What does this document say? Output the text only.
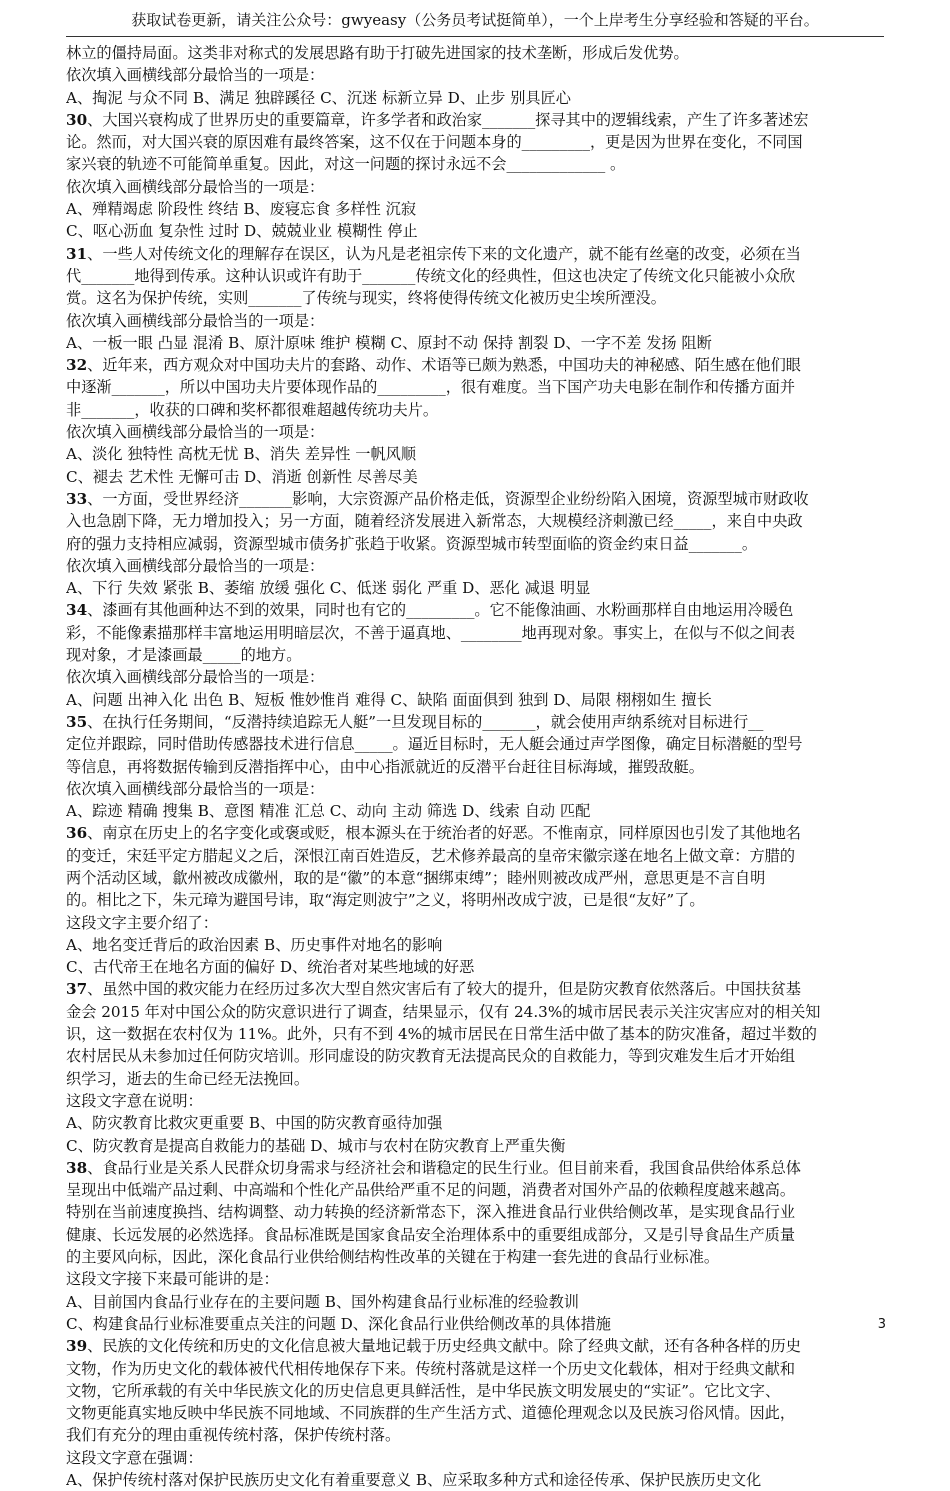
获取试卷更新，请关注公众号：gwyeasy（公务员考试挺简单），一个上岸考生分享经验和答疑的平台。
林立的僵持局面。这类非对称式的发展思路有助于打破先进国家的技术垄断，形成后发优势。
依次填入画横线部分最恰当的一项是：
A、掏泥 与众不同 B、满足 独辟蹊径 C、沉迷 标新立异 D、止步 别具匠心
30、大国兴衰构成了世界历史的重要篇章，许多学者和政治家_______探寻其中的逻辑线索，产生了许多著述宏
论。然而，对大国兴衰的原因难有最终答案，这不仅在于问题本身的_________，更是因为世界在变化，不同国
家兴衰的轨迹不可能简单重复。因此，对这一问题的探讨永远不会_____________ 。
依次填入画横线部分最恰当的一项是：
A、殚精竭虑 阶段性 终结 B、废寝忘食 多样性 沉寂
C、呕心沥血 复杂性 过时 D、兢兢业业 模糊性 停止
31、一些人对传统文化的理解存在误区，认为凡是老祖宗传下来的文化遗产，就不能有丝毫的改变，必须在当
代_______地得到传承。这种认识或许有助于_______传统文化的经典性，但这也决定了传统文化只能被小众欣
赏。这名为保护传统，实则_______了传统与现实，终将使得传统文化被历史尘埃所湮没。
依次填入画横线部分最恰当的一项是：
A、一板一眼 凸显 混淆 B、原汁原味 维护 模糊 C、原封不动 保持 割裂 D、一字不差 发扬 阻断
32、近年来，西方观众对中国功夫片的套路、动作、术语等已颇为熟悉，中国功夫的神秘感、陌生感在他们眼
中逐渐_______，所以中国功夫片要体现作品的_________，很有难度。当下国产功夫电影在制作和传播方面并
非_______，收获的口碑和奖杯都很难超越传统功夫片。
依次填入画横线部分最恰当的一项是：
A、淡化 独特性 高枕无忧 B、消失 差异性 一帆风顺
C、褪去 艺术性 无懈可击 D、消逝 创新性 尽善尽美
33、一方面，受世界经济_______影响，大宗资源产品价格走低，资源型企业纷纷陷入困境，资源型城市财政收
入也急剧下降，无力增加投入；另一方面，随着经济发展进入新常态，大规模经济刺激已经_____，来自中央政
府的强力支持相应减弱，资源型城市债务扩张趋于收紧。资源型城市转型面临的资金约束日益_______。
依次填入画横线部分最恰当的一项是：
A、下行 失效 紧张 B、萎缩 放缓 强化 C、低迷 弱化 严重 D、恶化 减退 明显
34、漆画有其他画种达不到的效果，同时也有它的_________。它不能像油画、水粉画那样自由地运用冷暖色
彩，不能像素描那样丰富地运用明暗层次，不善于逼真地、________地再现对象。事实上，在似与不似之间表
现对象，才是漆画最_____的地方。
依次填入画横线部分最恰当的一项是：
A、问题 出神入化 出色 B、短板 惟妙惟肖 难得 C、缺陷 面面俱到 独到 D、局限 栩栩如生 擅长
35、在执行任务期间，“反潜持续追踪无人艇”一旦发现目标的_______，就会使用声纳系统对目标进行__
定位并跟踪，同时借助传感器技术进行信息_____。逼近目标时，无人艇会通过声学图像，确定目标潜艇的型号
等信息，再将数据传输到反潜指挥中心，由中心指派就近的反潜平台赶往目标海域，摧毁敌艇。
依次填入画横线部分最恰当的一项是：
A、踪迹 精确 搜集 B、意图 精准 汇总 C、动向 主动 筛选 D、线索 自动 匹配
36、南京在历史上的名字变化或褒或贬，根本源头在于统治者的好恶。不惟南京，同样原因也引发了其他地名
的变迁，宋廷平定方腊起义之后，深恨江南百姓造反，艺术修养最高的皇帝宋徽宗遂在地名上做文章：方腊的
两个活动区域，歙州被改成徽州，取的是“徽”的本意“捆绑束缚”；睦州则被改成严州，意思更是不言自明
的。相比之下，朱元璋为避国号讳，取“海定则波宁”之义，将明州改成宁波，已是很“友好”了。
这段文字主要介绍了：
A、地名变迁背后的政治因素 B、历史事件对地名的影响
C、古代帝王在地名方面的偏好 D、统治者对某些地域的好恶
37、虽然中国的救灾能力在经历过多次大型自然灾害后有了较大的提升，但是防灾教育依然落后。中国扶贫基
金会 2015 年对中国公众的防灾意识进行了调查，结果显示，仅有 24.3%的城市居民表示关注灾害应对的相关知
识，这一数据在农村仅为 11%。此外，只有不到 4%的城市居民在日常生活中做了基本的防灾准备，超过半数的
农村居民从未参加过任何防灾培训。形同虚设的防灾教育无法提高民众的自救能力，等到灾难发生后才开始组
织学习，逝去的生命已经无法挽回。
这段文字意在说明：
A、防灾教育比救灾更重要 B、中国的防灾教育亟待加强
C、防灾教育是提高自救能力的基础 D、城市与农村在防灾教育上严重失衡
38、食品行业是关系人民群众切身需求与经济社会和谐稳定的民生行业。但目前来看，我国食品供给体系总体
呈现出中低端产品过剩、中高端和个性化产品供给严重不足的问题，消费者对国外产品的依赖程度越来越高。
特别在当前速度换挡、结构调整、动力转换的经济新常态下，深入推进食品行业供给侧改革，是实现食品行业
健康、长远发展的必然选择。食品标准既是国家食品安全治理体系中的重要组成部分，又是引导食品生产质量
的主要风向标，因此，深化食品行业供给侧结构性改革的关键在于构建一套先进的食品行业标准。
这段文字接下来最可能讲的是：
A、目前国内食品行业存在的主要问题 B、国外构建食品行业标准的经验教训
C、构建食品行业标准要重点关注的问题 D、深化食品行业供给侧改革的具体措施
39、民族的文化传统和历史的文化信息被大量地记载于历史经典文献中。除了经典文献，还有各种各样的历史
文物，作为历史文化的载体被代代相传地保存下来。传统村落就是这样一个历史文化载体，相对于经典文献和
文物，它所承载的有关中华民族文化的历史信息更具鲜活性，是中华民族文明发展史的“实证”。它比文字、
文物更能真实地反映中华民族不同地域、不同族群的生产生活方式、道德伦理观念以及民族习俗风情。因此，
我们有充分的理由重视传统村落，保护传统村落。
这段文字意在强调：
A、保护传统村落对保护民族历史文化有着重要意义 B、应采取多种方式和途径传承、保护民族历史文化
3
